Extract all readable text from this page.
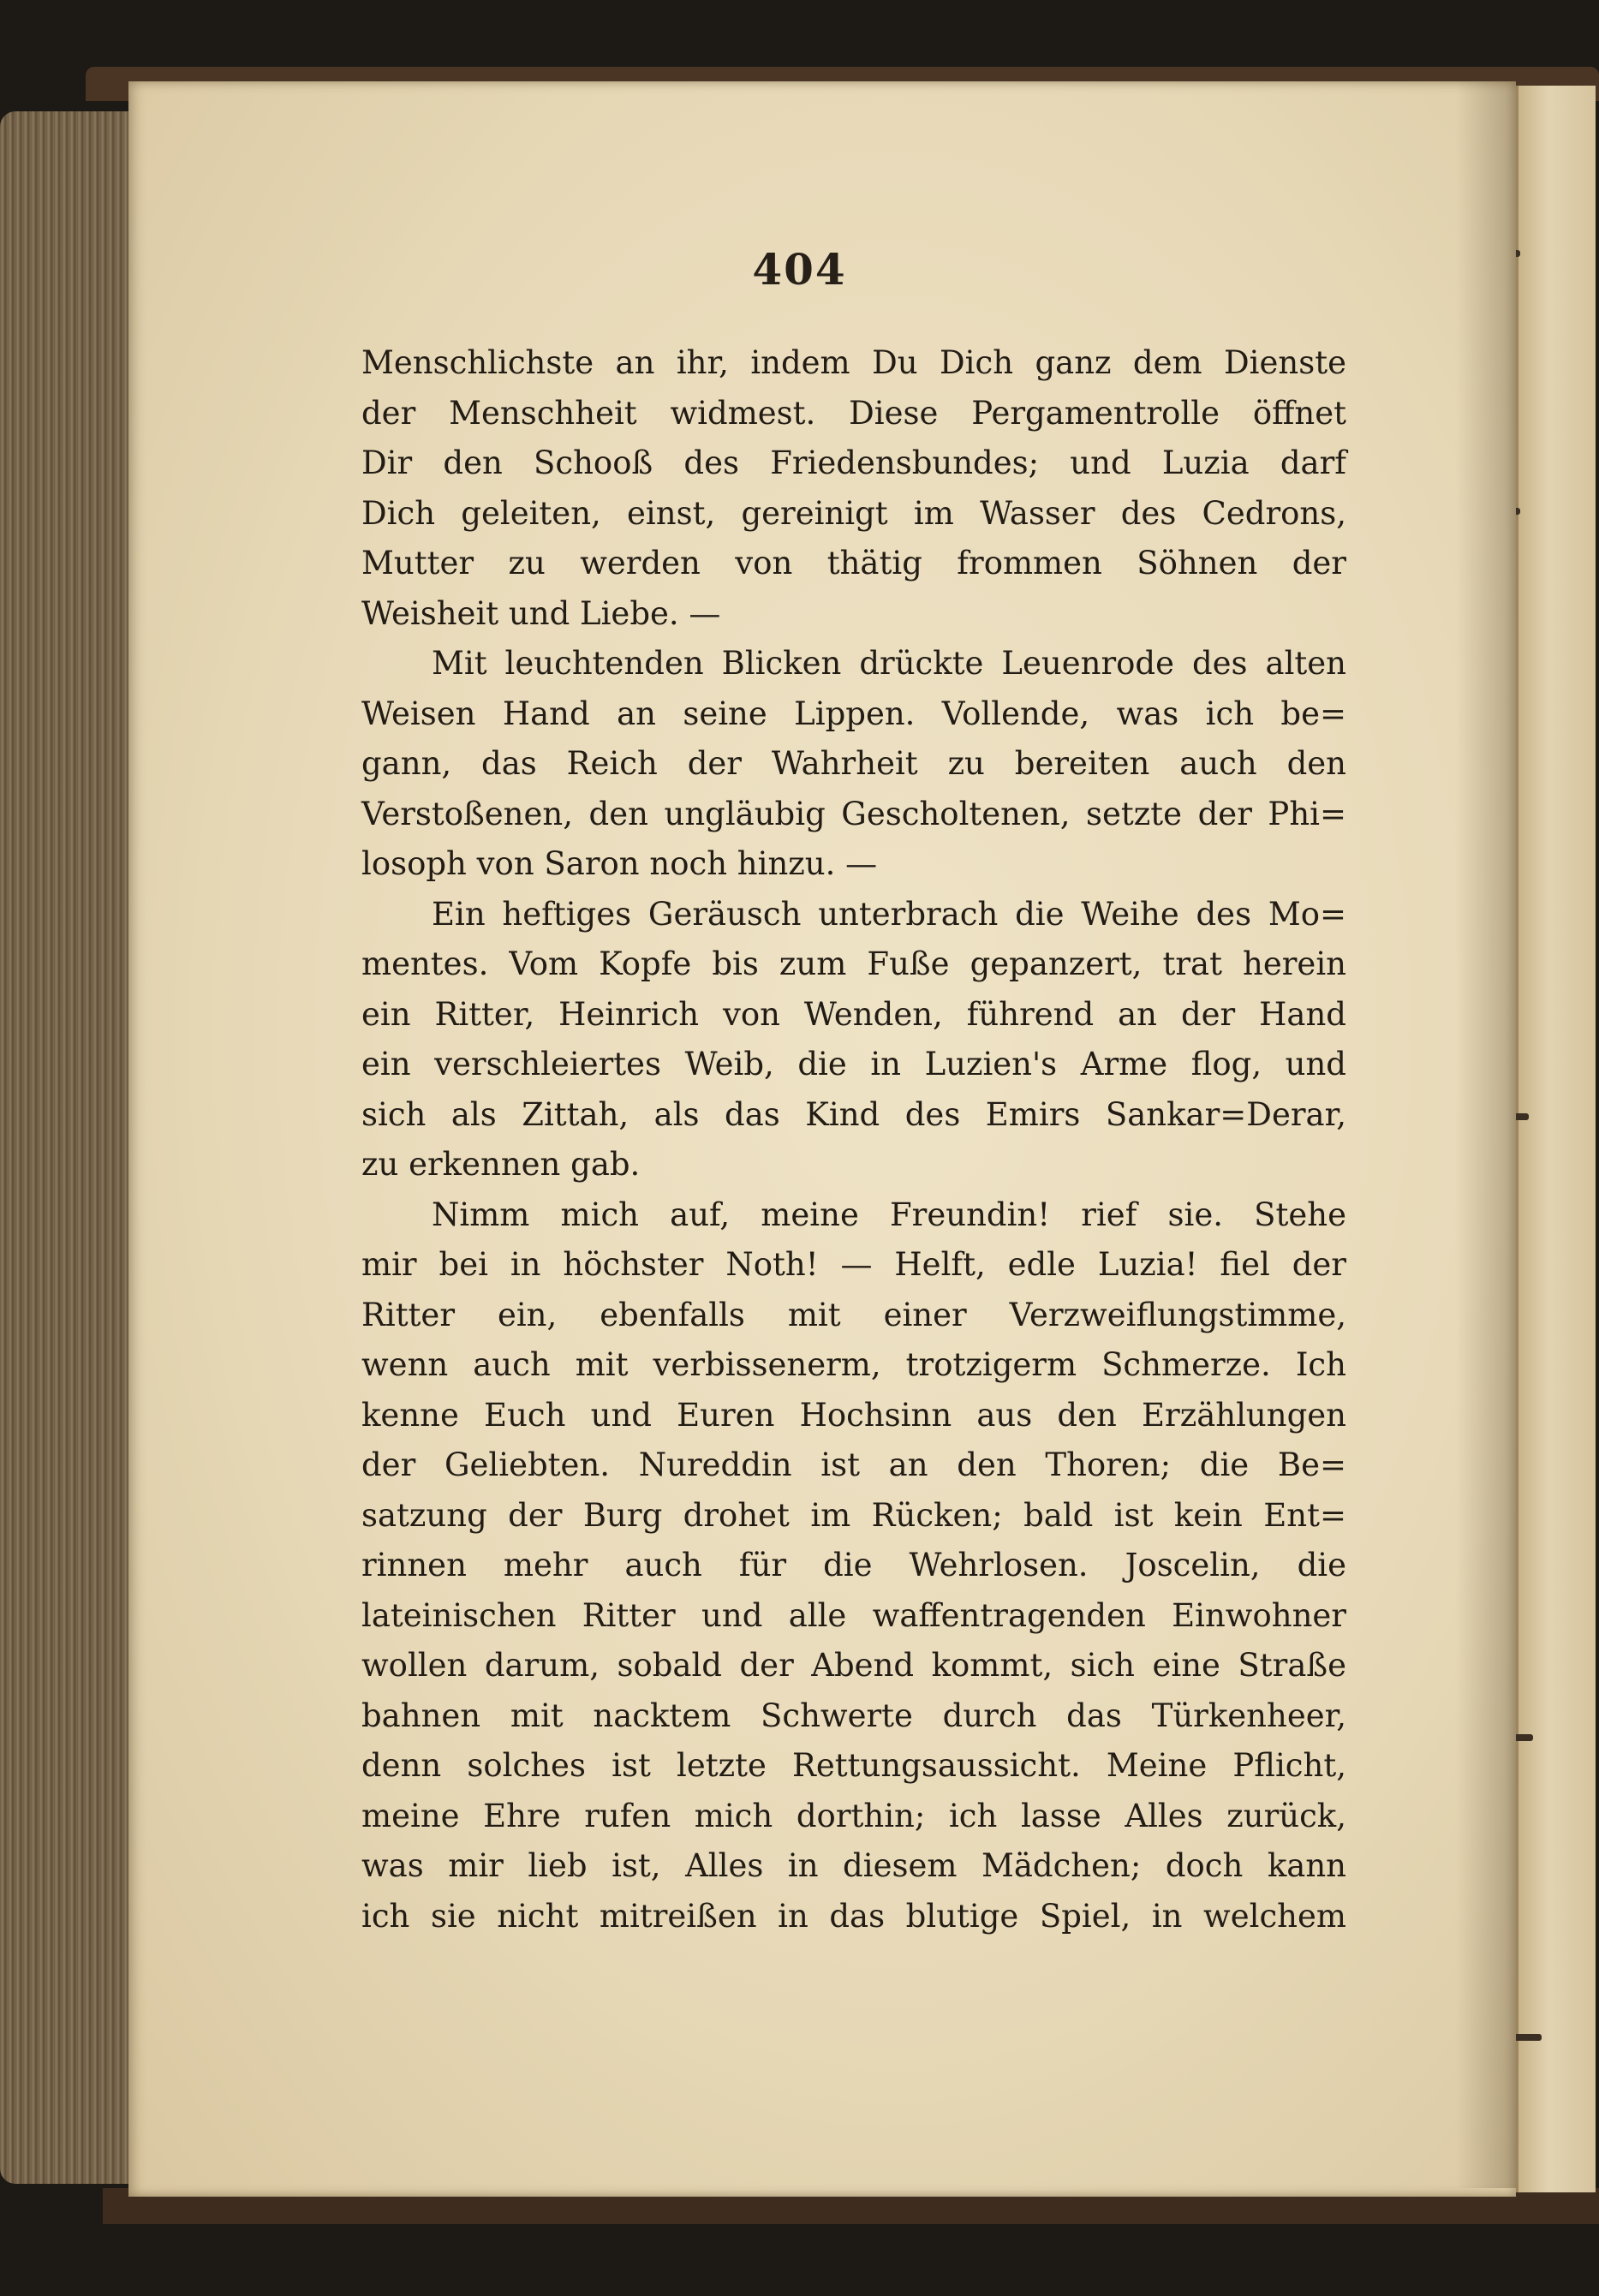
404
Menschlichste an ihr, indem Du Dich ganz dem Dienste
der Menschheit widmest. Diese Pergamentrolle öffnet
Dir den Schooß des Friedensbundes; und Luzia darf
Dich geleiten, einst, gereinigt im Wasser des Cedrons,
Mutter zu werden von thätig frommen Söhnen der
Weisheit und Liebe. —
Mit leuchtenden Blicken drückte Leuenrode des alten
Weisen Hand an seine Lippen. Vollende, was ich be=
gann, das Reich der Wahrheit zu bereiten auch den
Verstoßenen, den ungläubig Gescholtenen, setzte der Phi=
losoph von Saron noch hinzu. —
Ein heftiges Geräusch unterbrach die Weihe des Mo=
mentes. Vom Kopfe bis zum Fuße gepanzert, trat herein
ein Ritter, Heinrich von Wenden, führend an der Hand
ein verschleiertes Weib, die in Luzien's Arme flog, und
sich als Zittah, als das Kind des Emirs Sankar=Derar,
zu erkennen gab.
Nimm mich auf, meine Freundin! rief sie. Stehe
mir bei in höchster Noth! — Helft, edle Luzia! fiel der
Ritter ein, ebenfalls mit einer Verzweiflungstimme,
wenn auch mit verbissenerm, trotzigerm Schmerze. Ich
kenne Euch und Euren Hochsinn aus den Erzählungen
der Geliebten. Nureddin ist an den Thoren; die Be=
satzung der Burg drohet im Rücken; bald ist kein Ent=
rinnen mehr auch für die Wehrlosen. Joscelin, die
lateinischen Ritter und alle waffentragenden Einwohner
wollen darum, sobald der Abend kommt, sich eine Straße
bahnen mit nacktem Schwerte durch das Türkenheer,
denn solches ist letzte Rettungsaussicht. Meine Pflicht,
meine Ehre rufen mich dorthin; ich lasse Alles zurück,
was mir lieb ist, Alles in diesem Mädchen; doch kann
ich sie nicht mitreißen in das blutige Spiel, in welchem
